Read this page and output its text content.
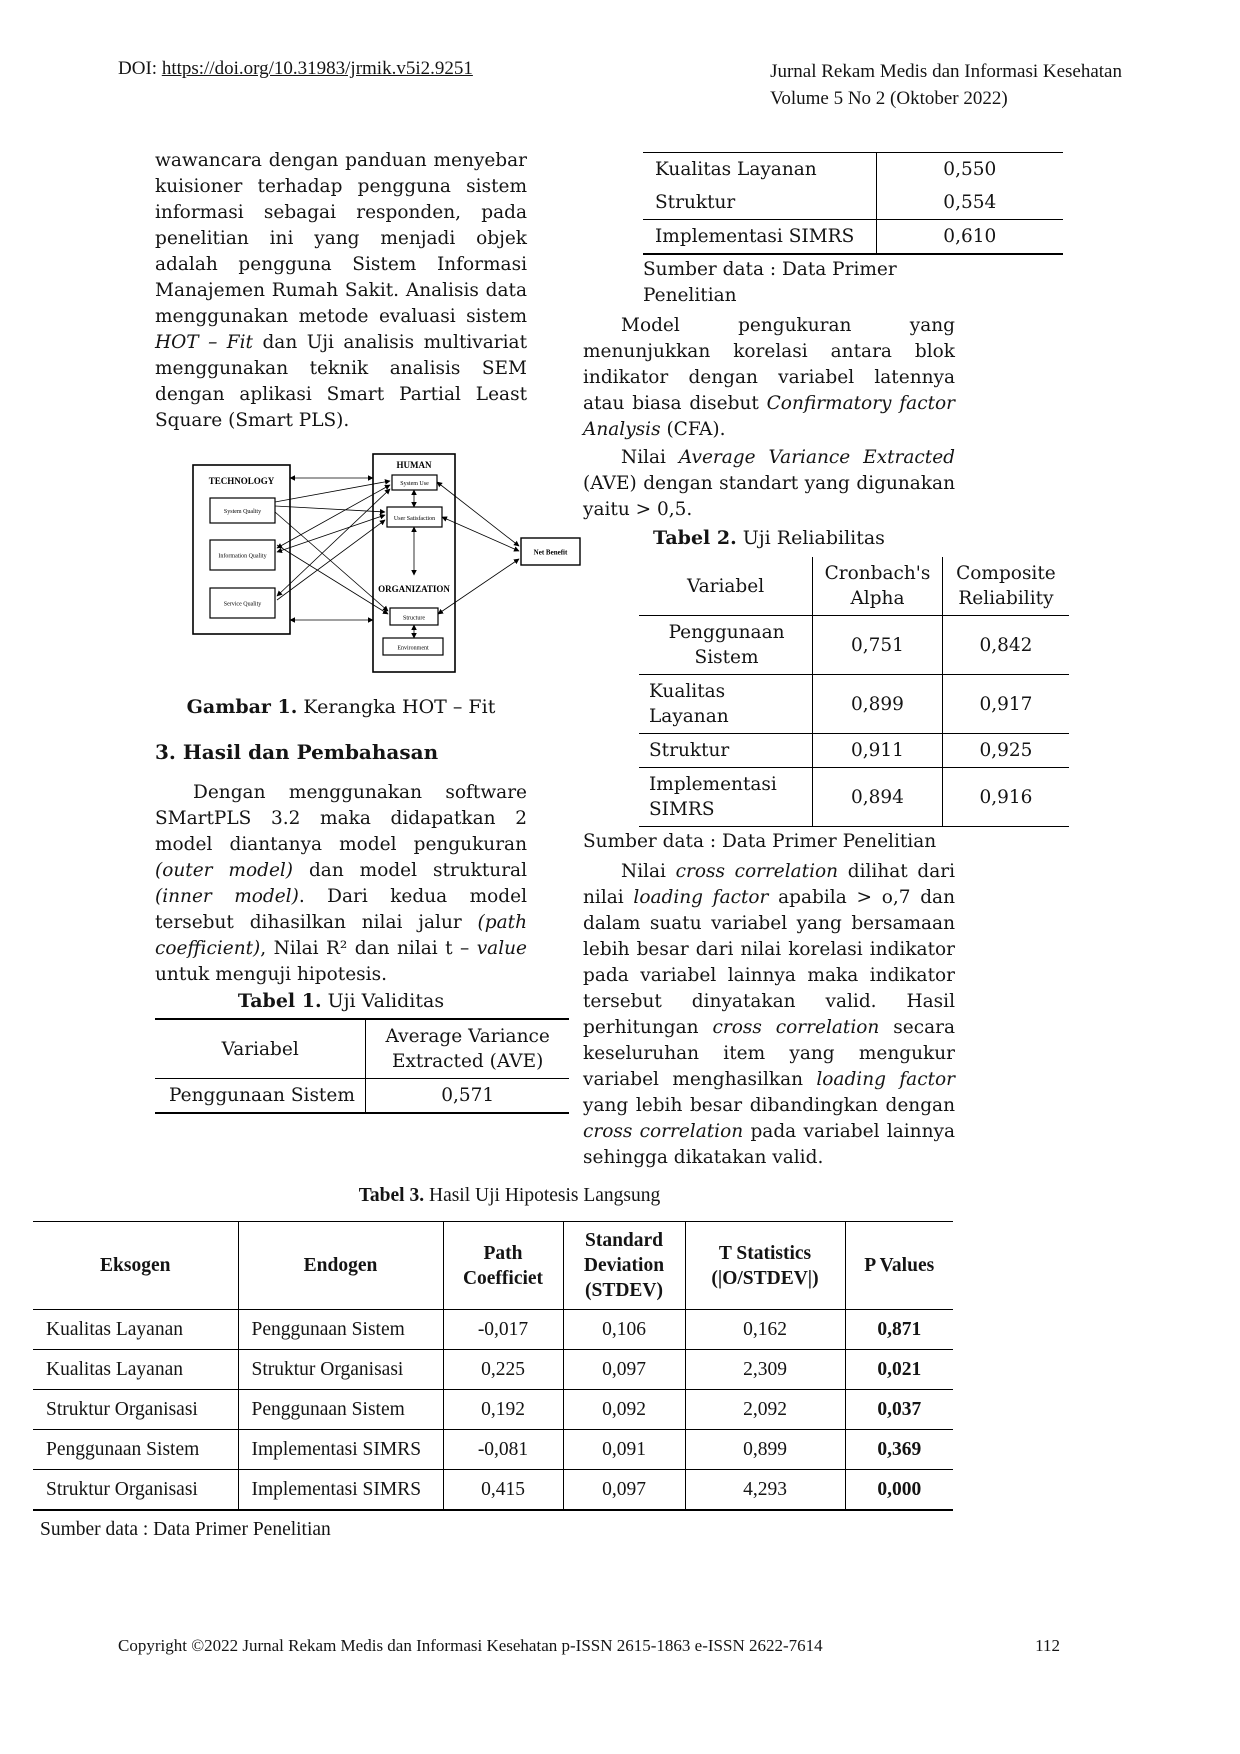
DOI: https://doi.org/10.31983/jrmik.v5i2.9251	Jurnal Rekam Medis dan Informasi Kesehatan
Volume 5 No 2 (Oktober 2022)

wawancara dengan panduan menyebar kuisioner terhadap pengguna sistem informasi sebagai responden, pada penelitian ini yang menjadi objek adalah pengguna Sistem Informasi Manajemen Rumah Sakit. Analisis data menggunakan metode evaluasi sistem HOT – Fit dan Uji analisis multivariat menggunakan teknik analisis SEM dengan aplikasi Smart Partial Least Square (Smart PLS).

TECHNOLOGY
System Quality
Information Quality
Service Quality
HUMAN
ORGANIZATION
System Use
User Satisfaction
Structure
Environment
Net Benefit
Gambar 1. Kerangka HOT – Fit
3. Hasil dan Pembahasan

Dengan menggunakan software SMartPLS 3.2 maka didapatkan 2 model diantanya model pengukuran (outer model) dan model struktural (inner model). Dari kedua model tersebut dihasilkan nilai jalur (path coefficient), Nilai R² dan nilai t – value untuk menguji hipotesis.

Tabel 1. Uji Validitas
Variabel	Average Variance Extracted (AVE)
Penggunaan Sistem	0,571
Kualitas Layanan	0,550
Struktur	0,554
Implementasi SIMRS	0,610
Sumber data : Data Primer Penelitian

Model pengukuran yang menunjukkan korelasi antara blok indikator dengan variabel latennya atau biasa disebut Confirmatory factor Analysis (CFA).

Nilai Average Variance Extracted (AVE) dengan standart yang digunakan yaitu > 0,5.

Tabel 2. Uji Reliabilitas
Variabel	Cronbach's Alpha	Composite Reliability
Penggunaan Sistem	0,751	0,842
Kualitas Layanan	0,899	0,917
Struktur	0,911	0,925
Implementasi SIMRS	0,894	0,916
Sumber data : Data Primer Penelitian

Nilai cross correlation dilihat dari nilai loading factor apabila > o,7 dan dalam suatu variabel yang bersamaan lebih besar dari nilai korelasi indikator pada variabel lainnya maka indikator tersebut dinyatakan valid. Hasil perhitungan cross correlation secara keseluruhan item yang mengukur variabel menghasilkan loading factor yang lebih besar dibandingkan dengan cross correlation pada variabel lainnya sehingga dikatakan valid.

Tabel 3. Hasil Uji Hipotesis Langsung
Eksogen	Endogen	Path Coefficiet	Standard Deviation (STDEV)	T Statistics (|O/STDEV|)	P Values
Kualitas Layanan	Penggunaan Sistem	-0,017	0,106	0,162	0,871
Kualitas Layanan	Struktur Organisasi	0,225	0,097	2,309	0,021
Struktur Organisasi	Penggunaan Sistem	0,192	0,092	2,092	0,037
Penggunaan Sistem	Implementasi SIMRS	-0,081	0,091	0,899	0,369
Struktur Organisasi	Implementasi SIMRS	0,415	0,097	4,293	0,000
Sumber data : Data Primer Penelitian
Copyright ©2022 Jurnal Rekam Medis dan Informasi Kesehatan p-ISSN 2615-1863 e-ISSN 2622-7614	112
